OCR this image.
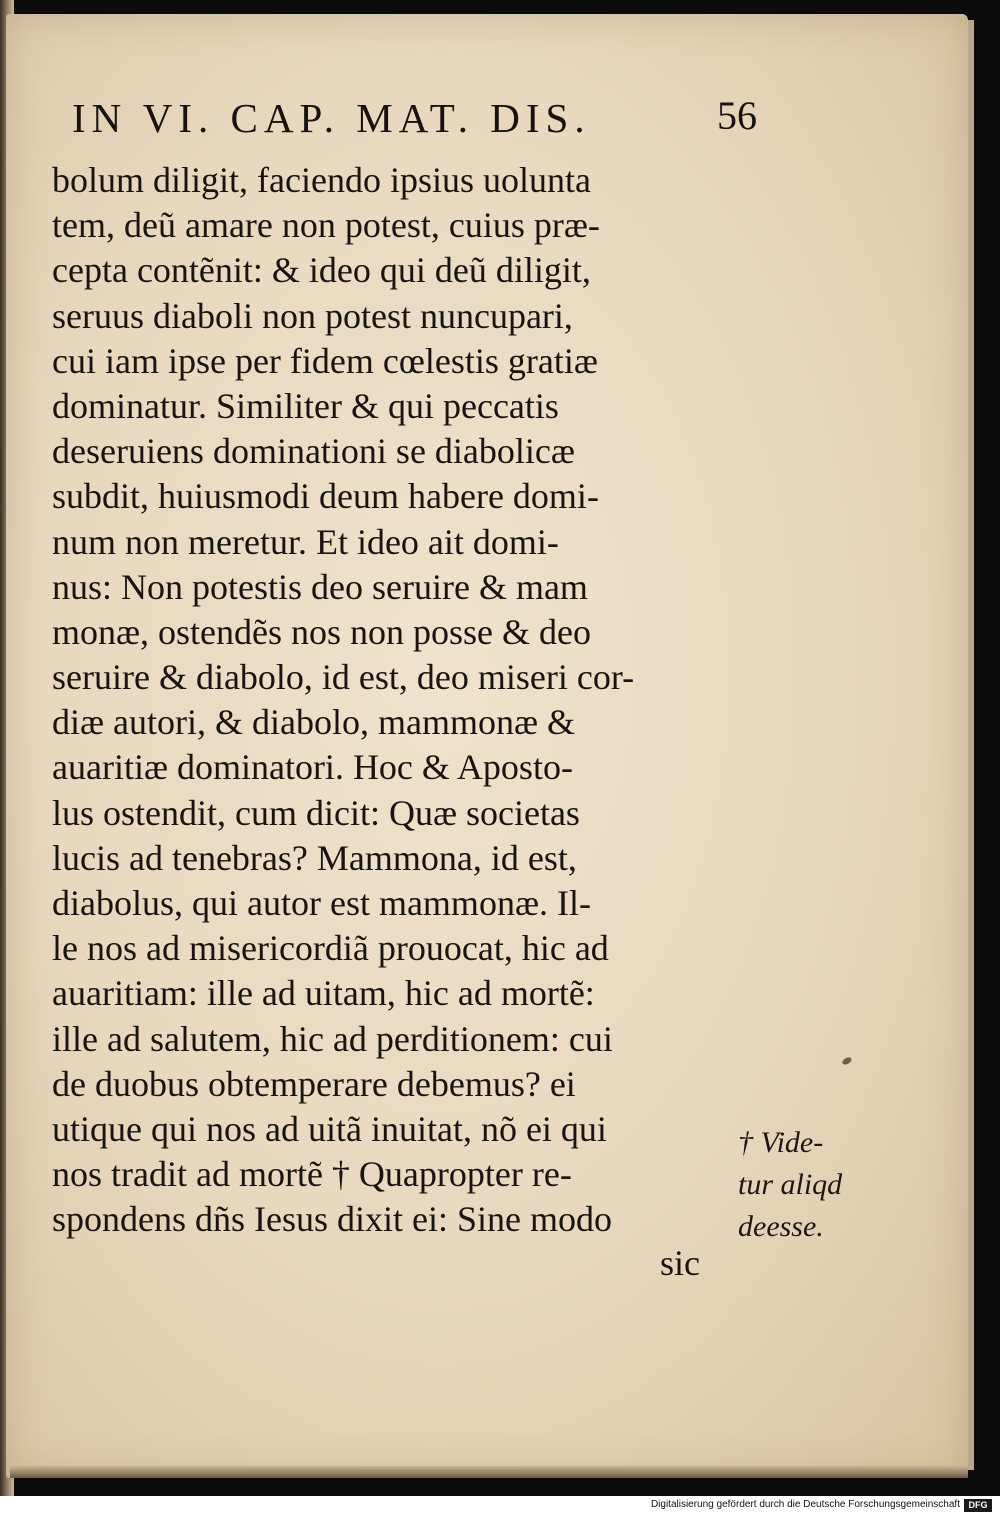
IN VI. CAP. MAT. DIS.	56
bolum diligit, faciendo ipsius uolunta
tem, deũ amare non potest, cuius præ-
cepta contẽnit: & ideo qui deũ diligit,
seruus diaboli non potest nuncupari,
cui iam ipse per fidem cœlestis gratiæ
dominatur. Similiter & qui peccatis
deseruiens dominationi se diabolicæ
subdit, huiusmodi deum habere domi-
num non meretur. Et ideo ait domi-
nus: Non potestis deo seruire & mam
monæ, ostendẽs nos non posse & deo
seruire & diabolo, id est, deo miseri cor-
diæ autori, & diabolo, mammonæ &
auaritiæ dominatori. Hoc & Aposto-
lus ostendit, cum dicit: Quæ societas
lucis ad tenebras? Mammona, id est,
diabolus, qui autor est mammonæ. Il-
le nos ad misericordiã prouocat, hic ad
auaritiam: ille ad uitam, hic ad mortẽ:
ille ad salutem, hic ad perditionem: cui
de duobus obtemperare debemus? ei
utique qui nos ad uitã inuitat, nõ ei qui
nos tradit ad mortẽ † Quapropter re-
spondens dñs Iesus dixit ei: Sine modo
sic
† Vide-
tur aliqd
deesse.
Digitalisierung gefördert durch die Deutsche Forschungsgemeinschaft DFG
